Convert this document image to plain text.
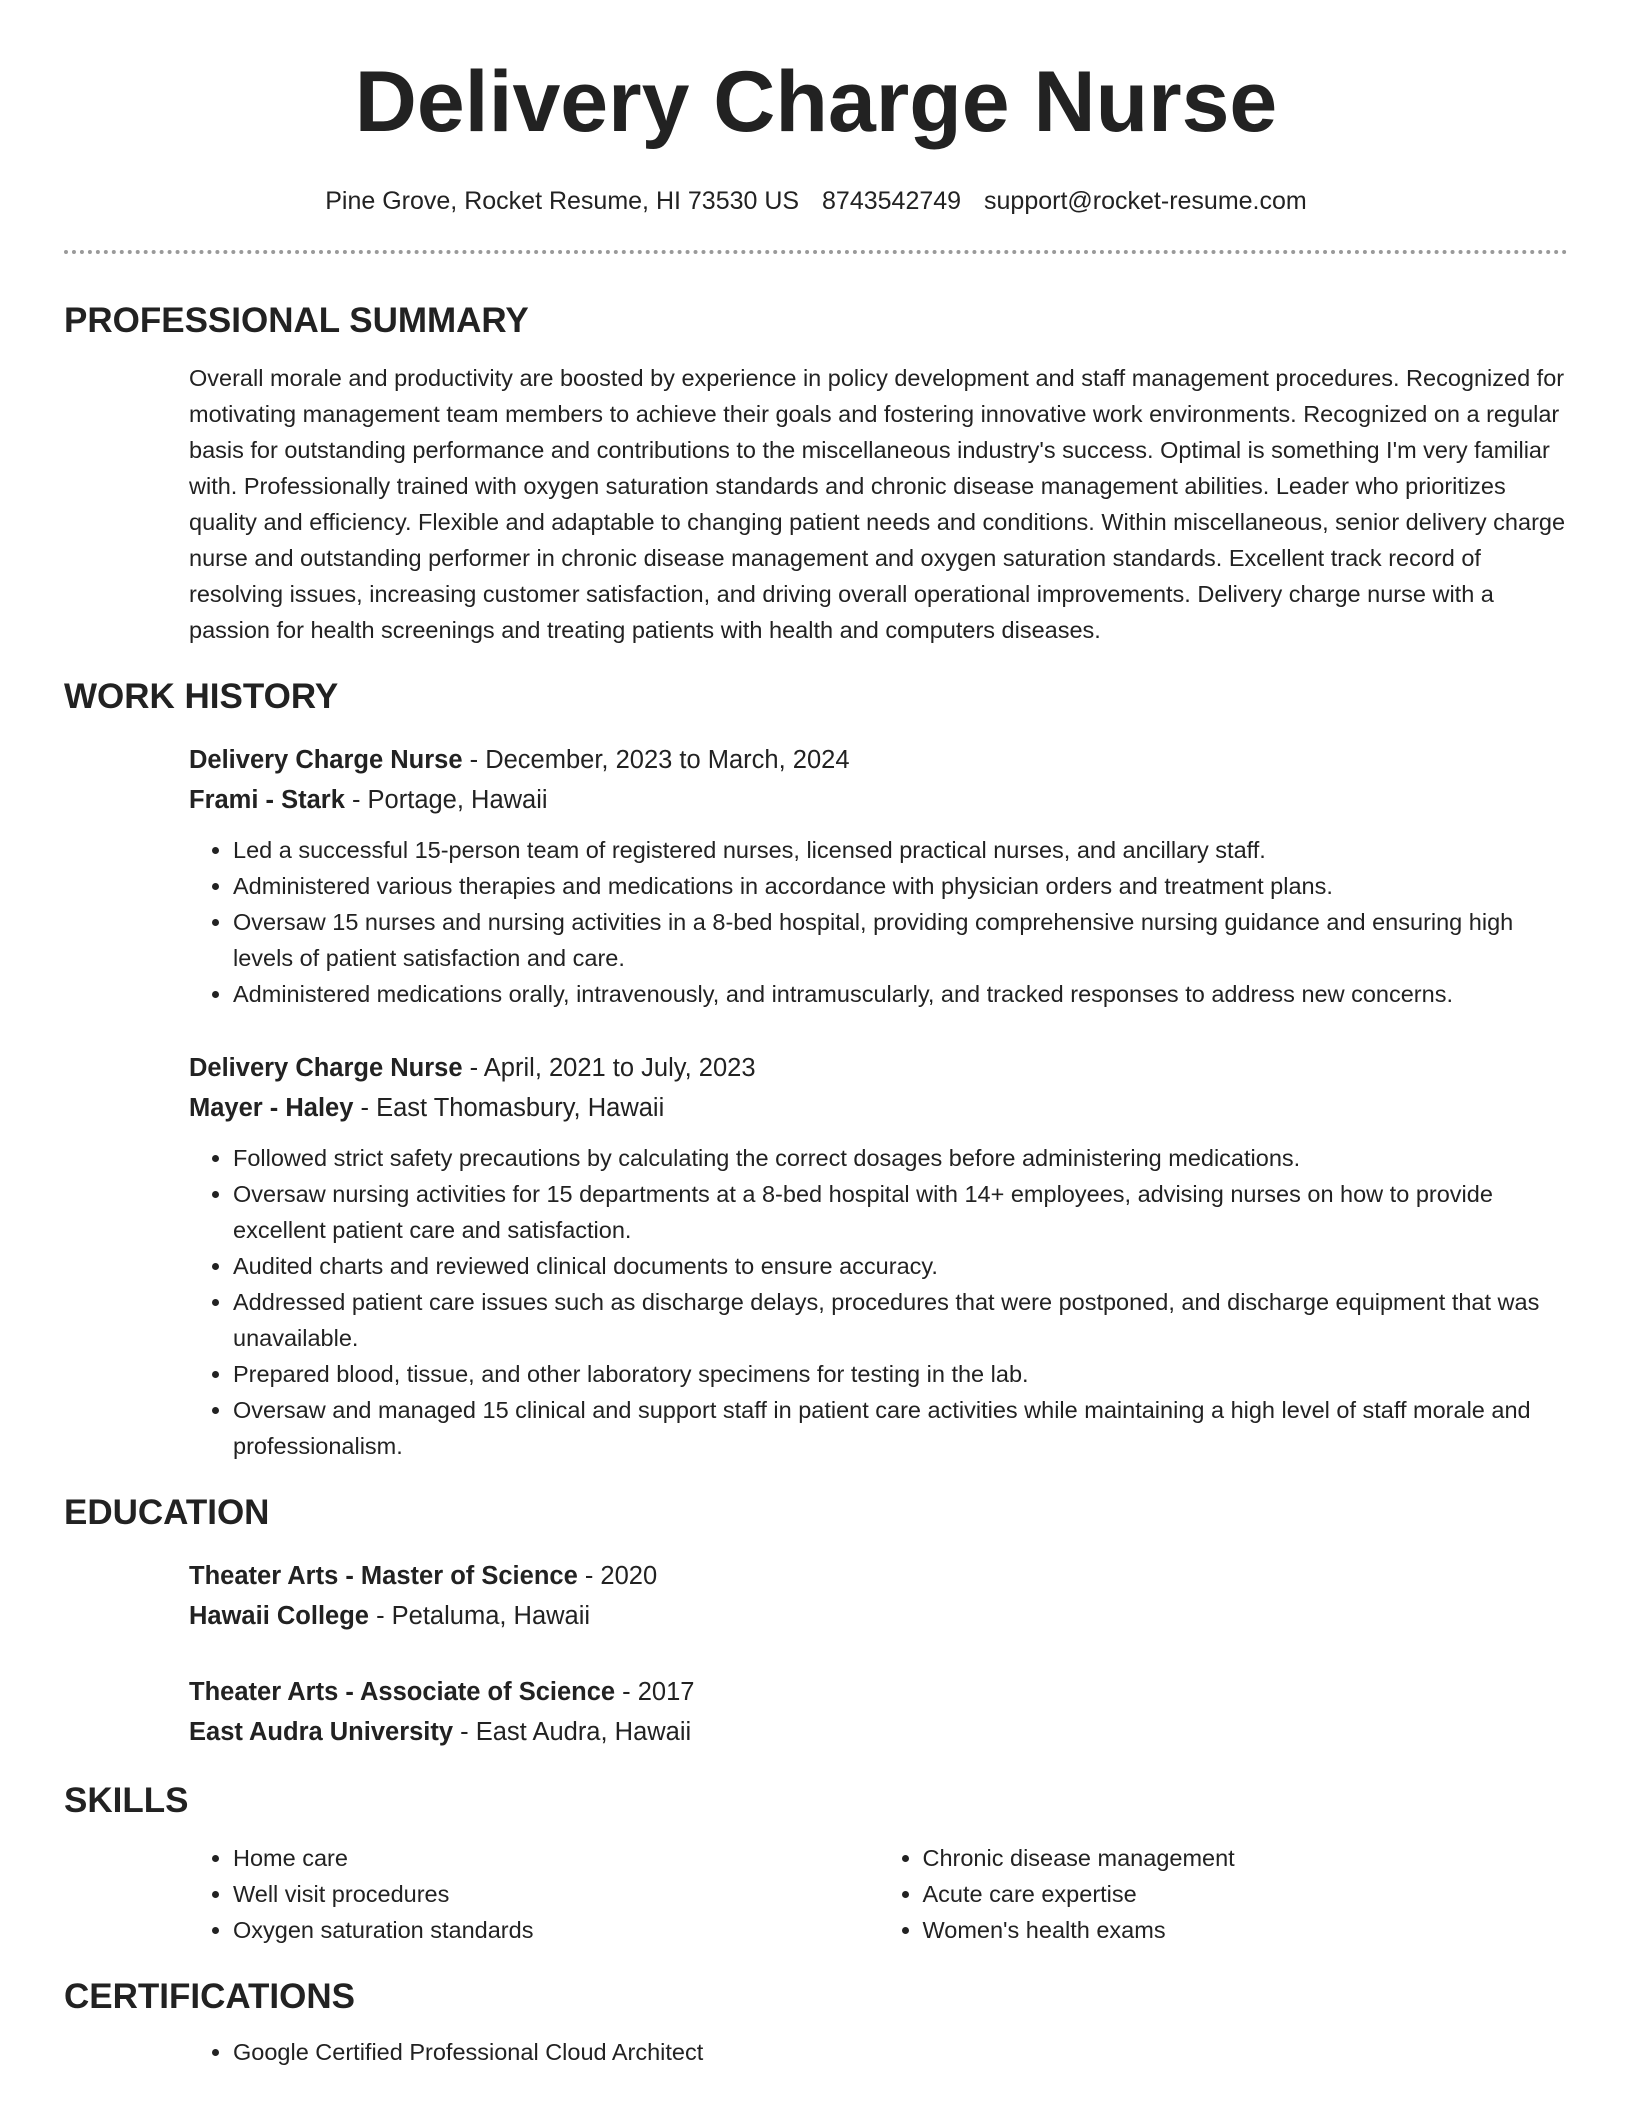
Delivery Charge Nurse
Pine Grove, Rocket Resume, HI 73530 US 8743542749 support@rocket-resume.com
PROFESSIONAL SUMMARY
Overall morale and productivity are boosted by experience in policy development and staff management procedures. Recognized for motivating management team members to achieve their goals and fostering innovative work environments. Recognized on a regular basis for outstanding performance and contributions to the miscellaneous industry's success. Optimal is something I'm very familiar with. Professionally trained with oxygen saturation standards and chronic disease management abilities. Leader who prioritizes quality and efficiency. Flexible and adaptable to changing patient needs and conditions. Within miscellaneous, senior delivery charge nurse and outstanding performer in chronic disease management and oxygen saturation standards. Excellent track record of resolving issues, increasing customer satisfaction, and driving overall operational improvements. Delivery charge nurse with a passion for health screenings and treating patients with health and computers diseases.
WORK HISTORY
Delivery Charge Nurse - December, 2023 to March, 2024
Frami - Stark - Portage, Hawaii
• Led a successful 15-person team of registered nurses, licensed practical nurses, and ancillary staff.
• Administered various therapies and medications in accordance with physician orders and treatment plans.
• Oversaw 15 nurses and nursing activities in a 8-bed hospital, providing comprehensive nursing guidance and ensuring high levels of patient satisfaction and care.
• Administered medications orally, intravenously, and intramuscularly, and tracked responses to address new concerns.
Delivery Charge Nurse - April, 2021 to July, 2023
Mayer - Haley - East Thomasbury, Hawaii
• Followed strict safety precautions by calculating the correct dosages before administering medications.
• Oversaw nursing activities for 15 departments at a 8-bed hospital with 14+ employees, advising nurses on how to provide excellent patient care and satisfaction.
• Audited charts and reviewed clinical documents to ensure accuracy.
• Addressed patient care issues such as discharge delays, procedures that were postponed, and discharge equipment that was unavailable.
• Prepared blood, tissue, and other laboratory specimens for testing in the lab.
• Oversaw and managed 15 clinical and support staff in patient care activities while maintaining a high level of staff morale and professionalism.
EDUCATION
Theater Arts - Master of Science - 2020
Hawaii College - Petaluma, Hawaii
Theater Arts - Associate of Science - 2017
East Audra University - East Audra, Hawaii
SKILLS
• Home care
• Well visit procedures
• Oxygen saturation standards
• Chronic disease management
• Acute care expertise
• Women's health exams
CERTIFICATIONS
• Google Certified Professional Cloud Architect
